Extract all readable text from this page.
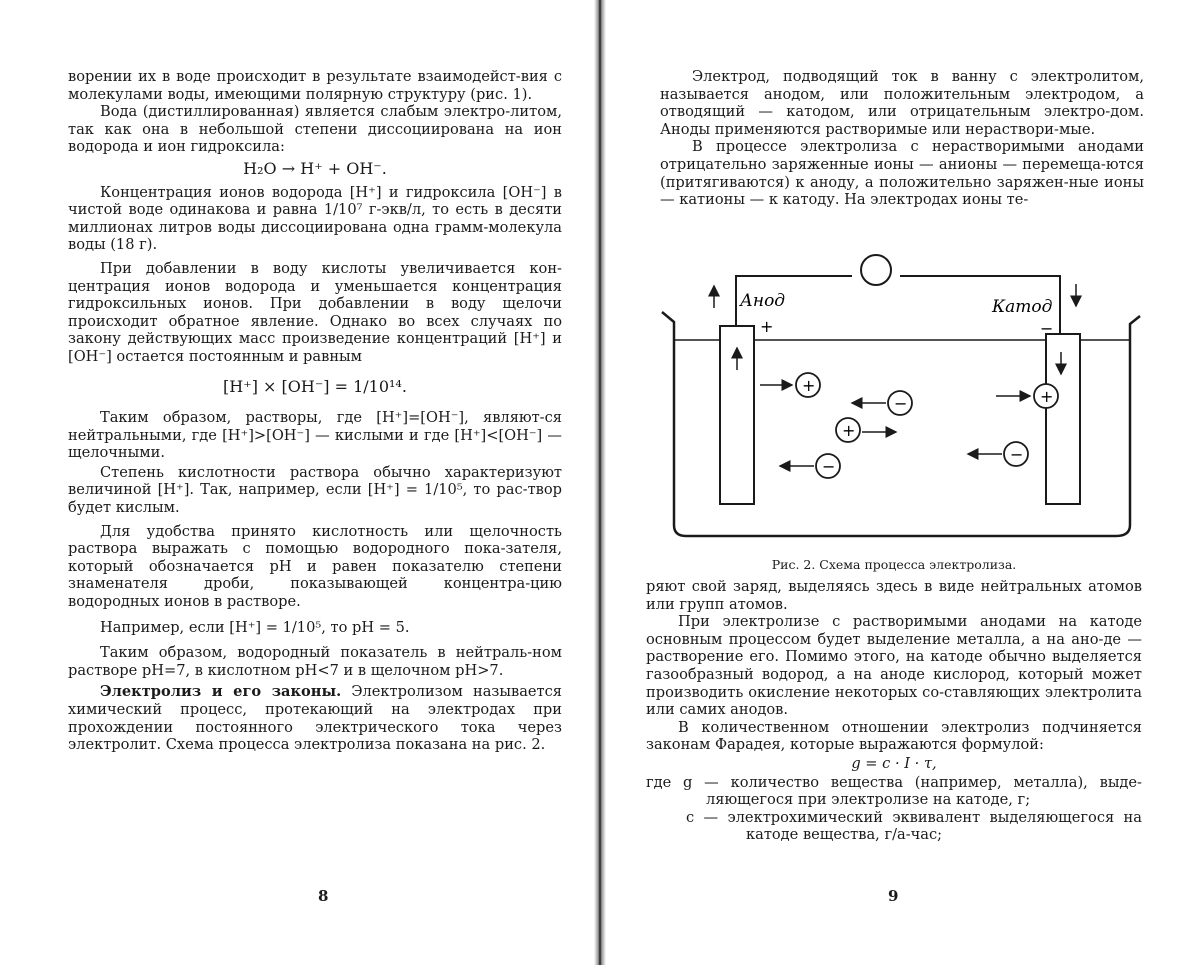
ворении их в воде происходит в результате взаимодейст-вия с молекулами воды, имеющими полярную структуру (рис. 1).

Вода (дистиллированная) является слабым электро-литом, так как она в небольшой степени диссоциирована на ион водорода и ион гидроксила:

H₂O → H⁺ + OH⁻.

Концентрация ионов водорода [H⁺] и гидроксила [OH⁻] в чистой воде одинакова и равна 1/10⁷ г-экв/л, то есть в десяти миллионах литров воды диссоциирована одна грамм-молекула воды (18 г).

При добавлении в воду кислоты увеличивается кон-центрация ионов водорода и уменьшается концентрация гидроксильных ионов. При добавлении в воду щелочи происходит обратное явление. Однако во всех случаях по закону действующих масс произведение концентраций [H⁺] и [OH⁻] остается постоянным и равным

[H⁺] × [OH⁻] = 1/10¹⁴.

Таким образом, растворы, где [H⁺]=[OH⁻], являют-ся нейтральными, где [H⁺]>[OH⁻] — кислыми и где [H⁺]<[OH⁻] — щелочными.

Степень кислотности раствора обычно характеризуют величиной [H⁺]. Так, например, если [H⁺] = 1/10⁵, то рас-твор будет кислым.

Для удобства принято кислотность или щелочность раствора выражать с помощью водородного пока-зателя, который обозначается pH и равен показателю степени знаменателя дроби, показывающей концентра-цию водородных ионов в растворе.

Например, если [H⁺] = 1/10⁵, то pH = 5.

Таким образом, водородный показатель в нейтраль-ном растворе pH=7, в кислотном pH<7 и в щелочном pH>7.

Электролиз и его законы. Электролизом называется химический процесс, протекающий на электродах при прохождении постоянного электрического тока через электролит. Схема процесса электролиза показана на рис. 2.

8

Электрод, подводящий ток в ванну с электролитом, называется анодом, или положительным электродом, а отводящий — катодом, или отрицательным электро-дом. Аноды применяются растворимые или нераствори-мые.

В процессе электролиза с нерастворимыми анодами отрицательно заряженные ионы — анионы — перемеща-ются (притягиваются) к аноду, а положительно заряжен-ные ионы — катионы — к катоду. На электродах ионы те-

Анод	Катод
+	−
+
−
+
−
+
−
Рис. 2. Схема процесса электролиза.

ряют свой заряд, выделяясь здесь в виде нейтральных атомов или групп атомов.

При электролизе с растворимыми анодами на катоде основным процессом будет выделение металла, а на ано-де — растворение его. Помимо этого, на катоде обычно выделяется газообразный водород, а на аноде кислород, который может производить окисление некоторых со-ставляющих электролита или самих анодов.

В количественном отношении электролиз подчиняется законам Фарадея, которые выражаются формулой:

g = c · I · τ,

где g — количество вещества (например, металла), выде-ляющегося при электролизе на катоде, г;

c — электрохимический эквивалент выделяющегося на катоде вещества, г/а-час;

9
